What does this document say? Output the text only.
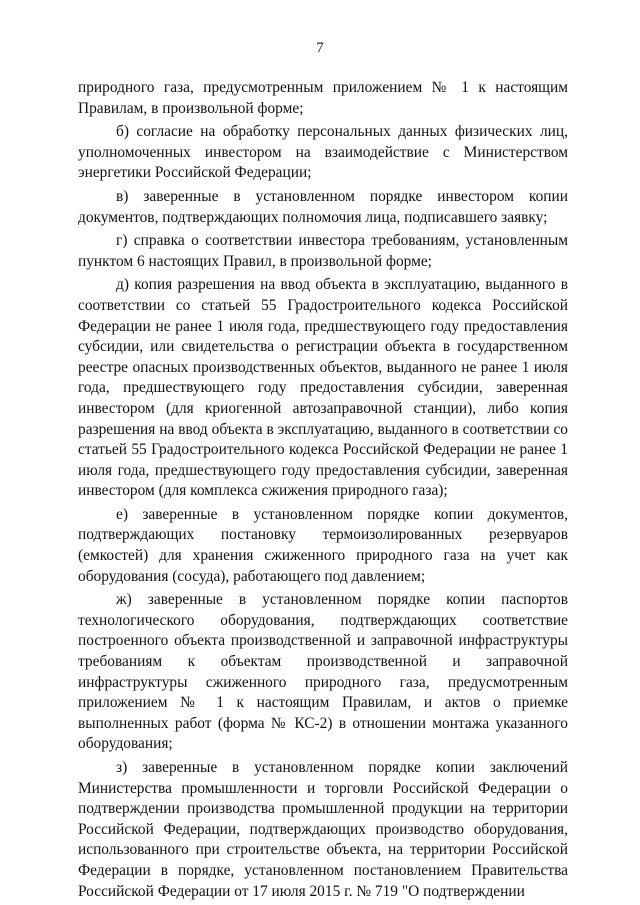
7

природного газа, предусмотренным приложением № 1 к настоящим Правилам, в произвольной форме;

б) согласие на обработку персональных данных физических лиц, уполномоченных инвестором на взаимодействие с Министерством энергетики Российской Федерации;

в) заверенные в установленном порядке инвестором копии документов, подтверждающих полномочия лица, подписавшего заявку;

г) справка о соответствии инвестора требованиям, установленным пунктом 6 настоящих Правил, в произвольной форме;

д) копия разрешения на ввод объекта в эксплуатацию, выданного в соответствии со статьей 55 Градостроительного кодекса Российской Федерации не ранее 1 июля года, предшествующего году предоставления субсидии, или свидетельства о регистрации объекта в государственном реестре опасных производственных объектов, выданного не ранее 1 июля года, предшествующего году предоставления субсидии, заверенная инвестором (для криогенной автозаправочной станции), либо копия разрешения на ввод объекта в эксплуатацию, выданного в соответствии со статьей 55 Градостроительного кодекса Российской Федерации не ранее 1 июля года, предшествующего году предоставления субсидии, заверенная инвестором (для комплекса сжижения природного газа);

е) заверенные в установленном порядке копии документов, подтверждающих постановку термоизолированных резервуаров (емкостей) для хранения сжиженного природного газа на учет как оборудования (сосуда), работающего под давлением;

ж) заверенные в установленном порядке копии паспортов технологического оборудования, подтверждающих соответствие построенного объекта производственной и заправочной инфраструктуры требованиям к объектам производственной и заправочной инфраструктуры сжиженного природного газа, предусмотренным приложением № 1 к настоящим Правилам, и актов о приемке выполненных работ (форма № КС-2) в отношении монтажа указанного оборудования;

з) заверенные в установленном порядке копии заключений Министерства промышленности и торговли Российской Федерации о подтверждении производства промышленной продукции на территории Российской Федерации, подтверждающих производство оборудования, использованного при строительстве объекта, на территории Российской Федерации в порядке, установленном постановлением Правительства Российской Федерации от 17 июля 2015 г. № 719 "О подтверждении
